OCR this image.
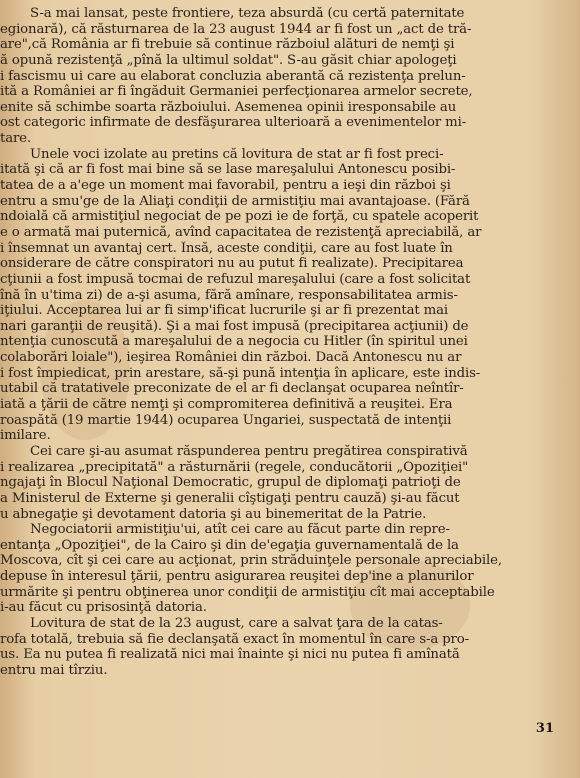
S-a mai lansat, peste frontiere, teza absurdă (cu certă paternitate
egionară), că răsturnarea de la 23 august 1944 ar fi fost un „act de tră-
are",că România ar fi trebuie să continue războiul alături de nemţi şi
ă opună rezistenţă „pînă la ultimul soldat". S-au găsit chiar apologeţi
i fascismu ui care au elaborat concluzia aberantă că rezistenţa prelun-
ită a României ar fi îngăduit Germaniei perfecţionarea armelor secrete,
enite să schimbe soarta războiului. Asemenea opinii iresponsabile au
ost categoric infirmate de desfăşurarea ulterioară a evenimentelor mi-
tare.
Unele voci izolate au pretins că lovitura de stat ar fi fost preci-
itată şi că ar fi fost mai bine să se lase mareşalului Antonescu posibi-
tatea de a a'ege un moment mai favorabil, pentru a ieşi din război şi
entru a smu'ge de la Aliaţi condiţii de armistiţiu mai avantajoase. (Fără
ndoială că armistiţiul negociat de pe pozi ie de forţă, cu spatele acoperit
e o armată mai puternică, avînd capacitatea de rezistenţă apreciabilă, ar
i însemnat un avantaj cert. Însă, aceste condiţii, care au fost luate în
onsiderare de către conspiratori nu au putut fi realizate). Precipitarea
cţiunii a fost impusă tocmai de refuzul mareşalului (care a fost solicitat
înă în u'tima zi) de a-şi asuma, fără amînare, responsabilitatea armis-
iţiului. Acceptarea lui ar fi simp'ificat lucrurile şi ar fi prezentat mai
nari garanţii de reuşită). Şi a mai fost impusă (precipitarea acţiunii) de
ntenţia cunoscută a mareşalului de a negocia cu Hitler (în spiritul unei
colaborări loiale"), ieşirea României din război. Dacă Antonescu nu ar
i fost împiedicat, prin arestare, să-şi pună intenţia în aplicare, este indis-
utabil că tratativele preconizate de el ar fi declanşat ocuparea neîntîr-
iată a ţării de către nemţi şi compromiterea definitivă a reuşitei. Era
roaspătă (19 martie 1944) ocuparea Ungariei, suspectată de intenţii
imilare.
Cei care şi-au asumat răspunderea pentru pregătirea conspirativă
i realizarea „precipitată" a răsturnării (regele, conducătorii „Opoziţiei"
ngajaţi în Blocul Naţional Democratic, grupul de diplomaţi patrioţi de
a Ministerul de Externe şi generalii cîştigaţi pentru cauză) şi-au făcut
u abnegaţie şi devotament datoria şi au binemeritat de la Patrie.
Negociatorii armistiţiu'ui, atît cei care au făcut parte din repre-
entanţa „Opoziţiei", de la Cairo şi din de'egaţia guvernamentală de la
Moscova, cît şi cei care au acţionat, prin străduinţele personale apreciabile,
depuse în interesul ţării, pentru asigurarea reuşitei dep'ine a planurilor
urmărite şi pentru obţinerea unor condiţii de armistiţiu cît mai acceptabile
i-au făcut cu prisosinţă datoria.
Lovitura de stat de la 23 august, care a salvat ţara de la catas-
rofa totală, trebuia să fie declanşată exact în momentul în care s-a pro-
us. Ea nu putea fi realizată nici mai înainte şi nici nu putea fi amînată
entru mai tîrziu.
31
